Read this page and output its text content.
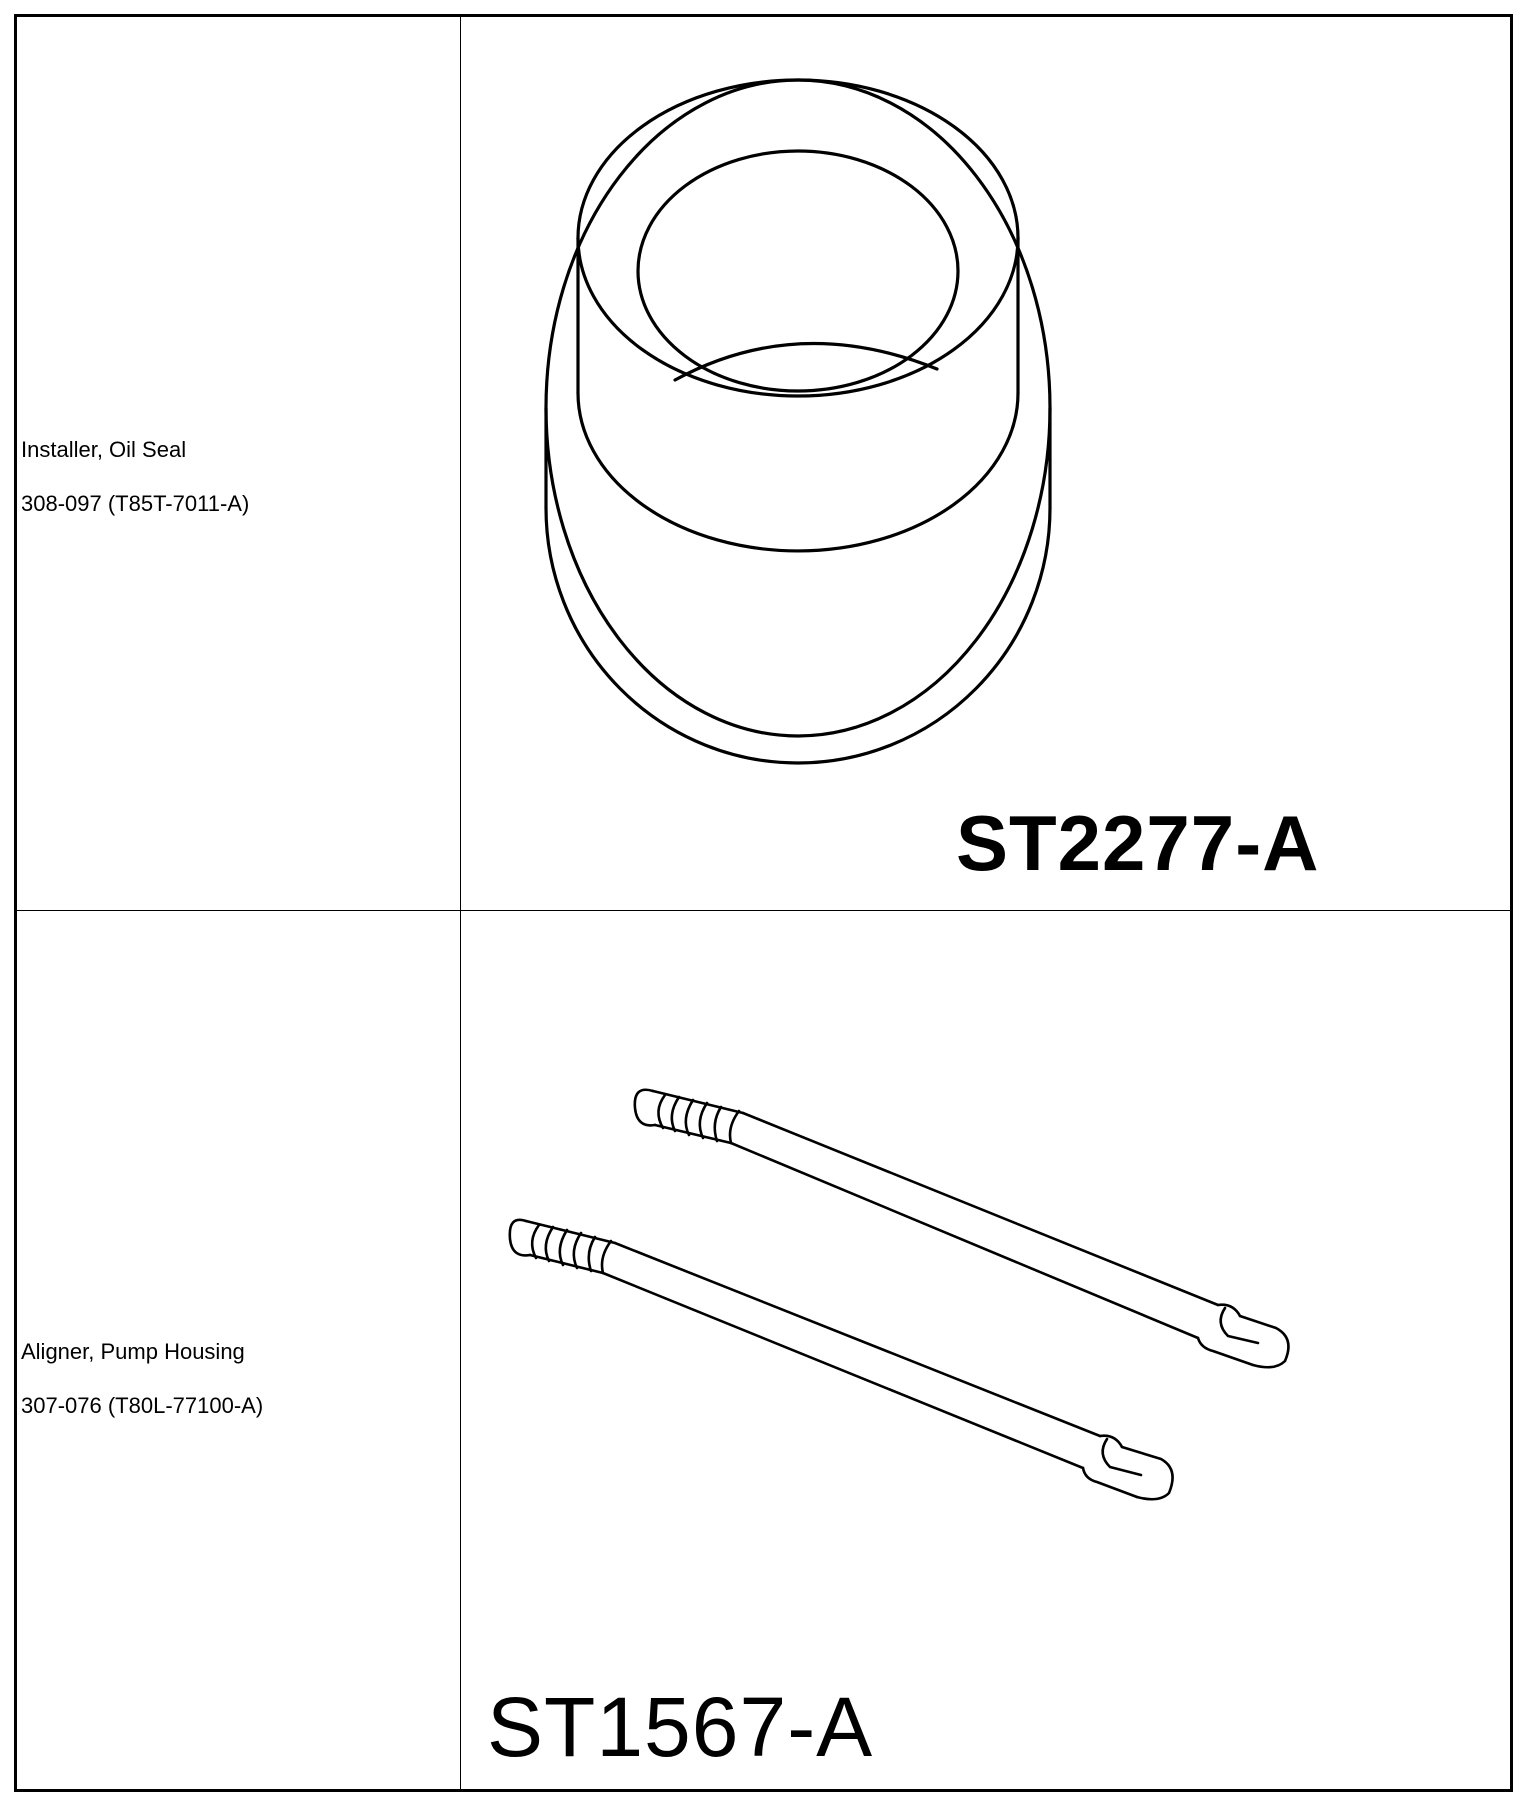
Installer, Oil Seal
308-097 (T85T-7011-A)
ST2277-A
Aligner, Pump Housing
307-076 (T80L-77100-A)
ST1567-A
